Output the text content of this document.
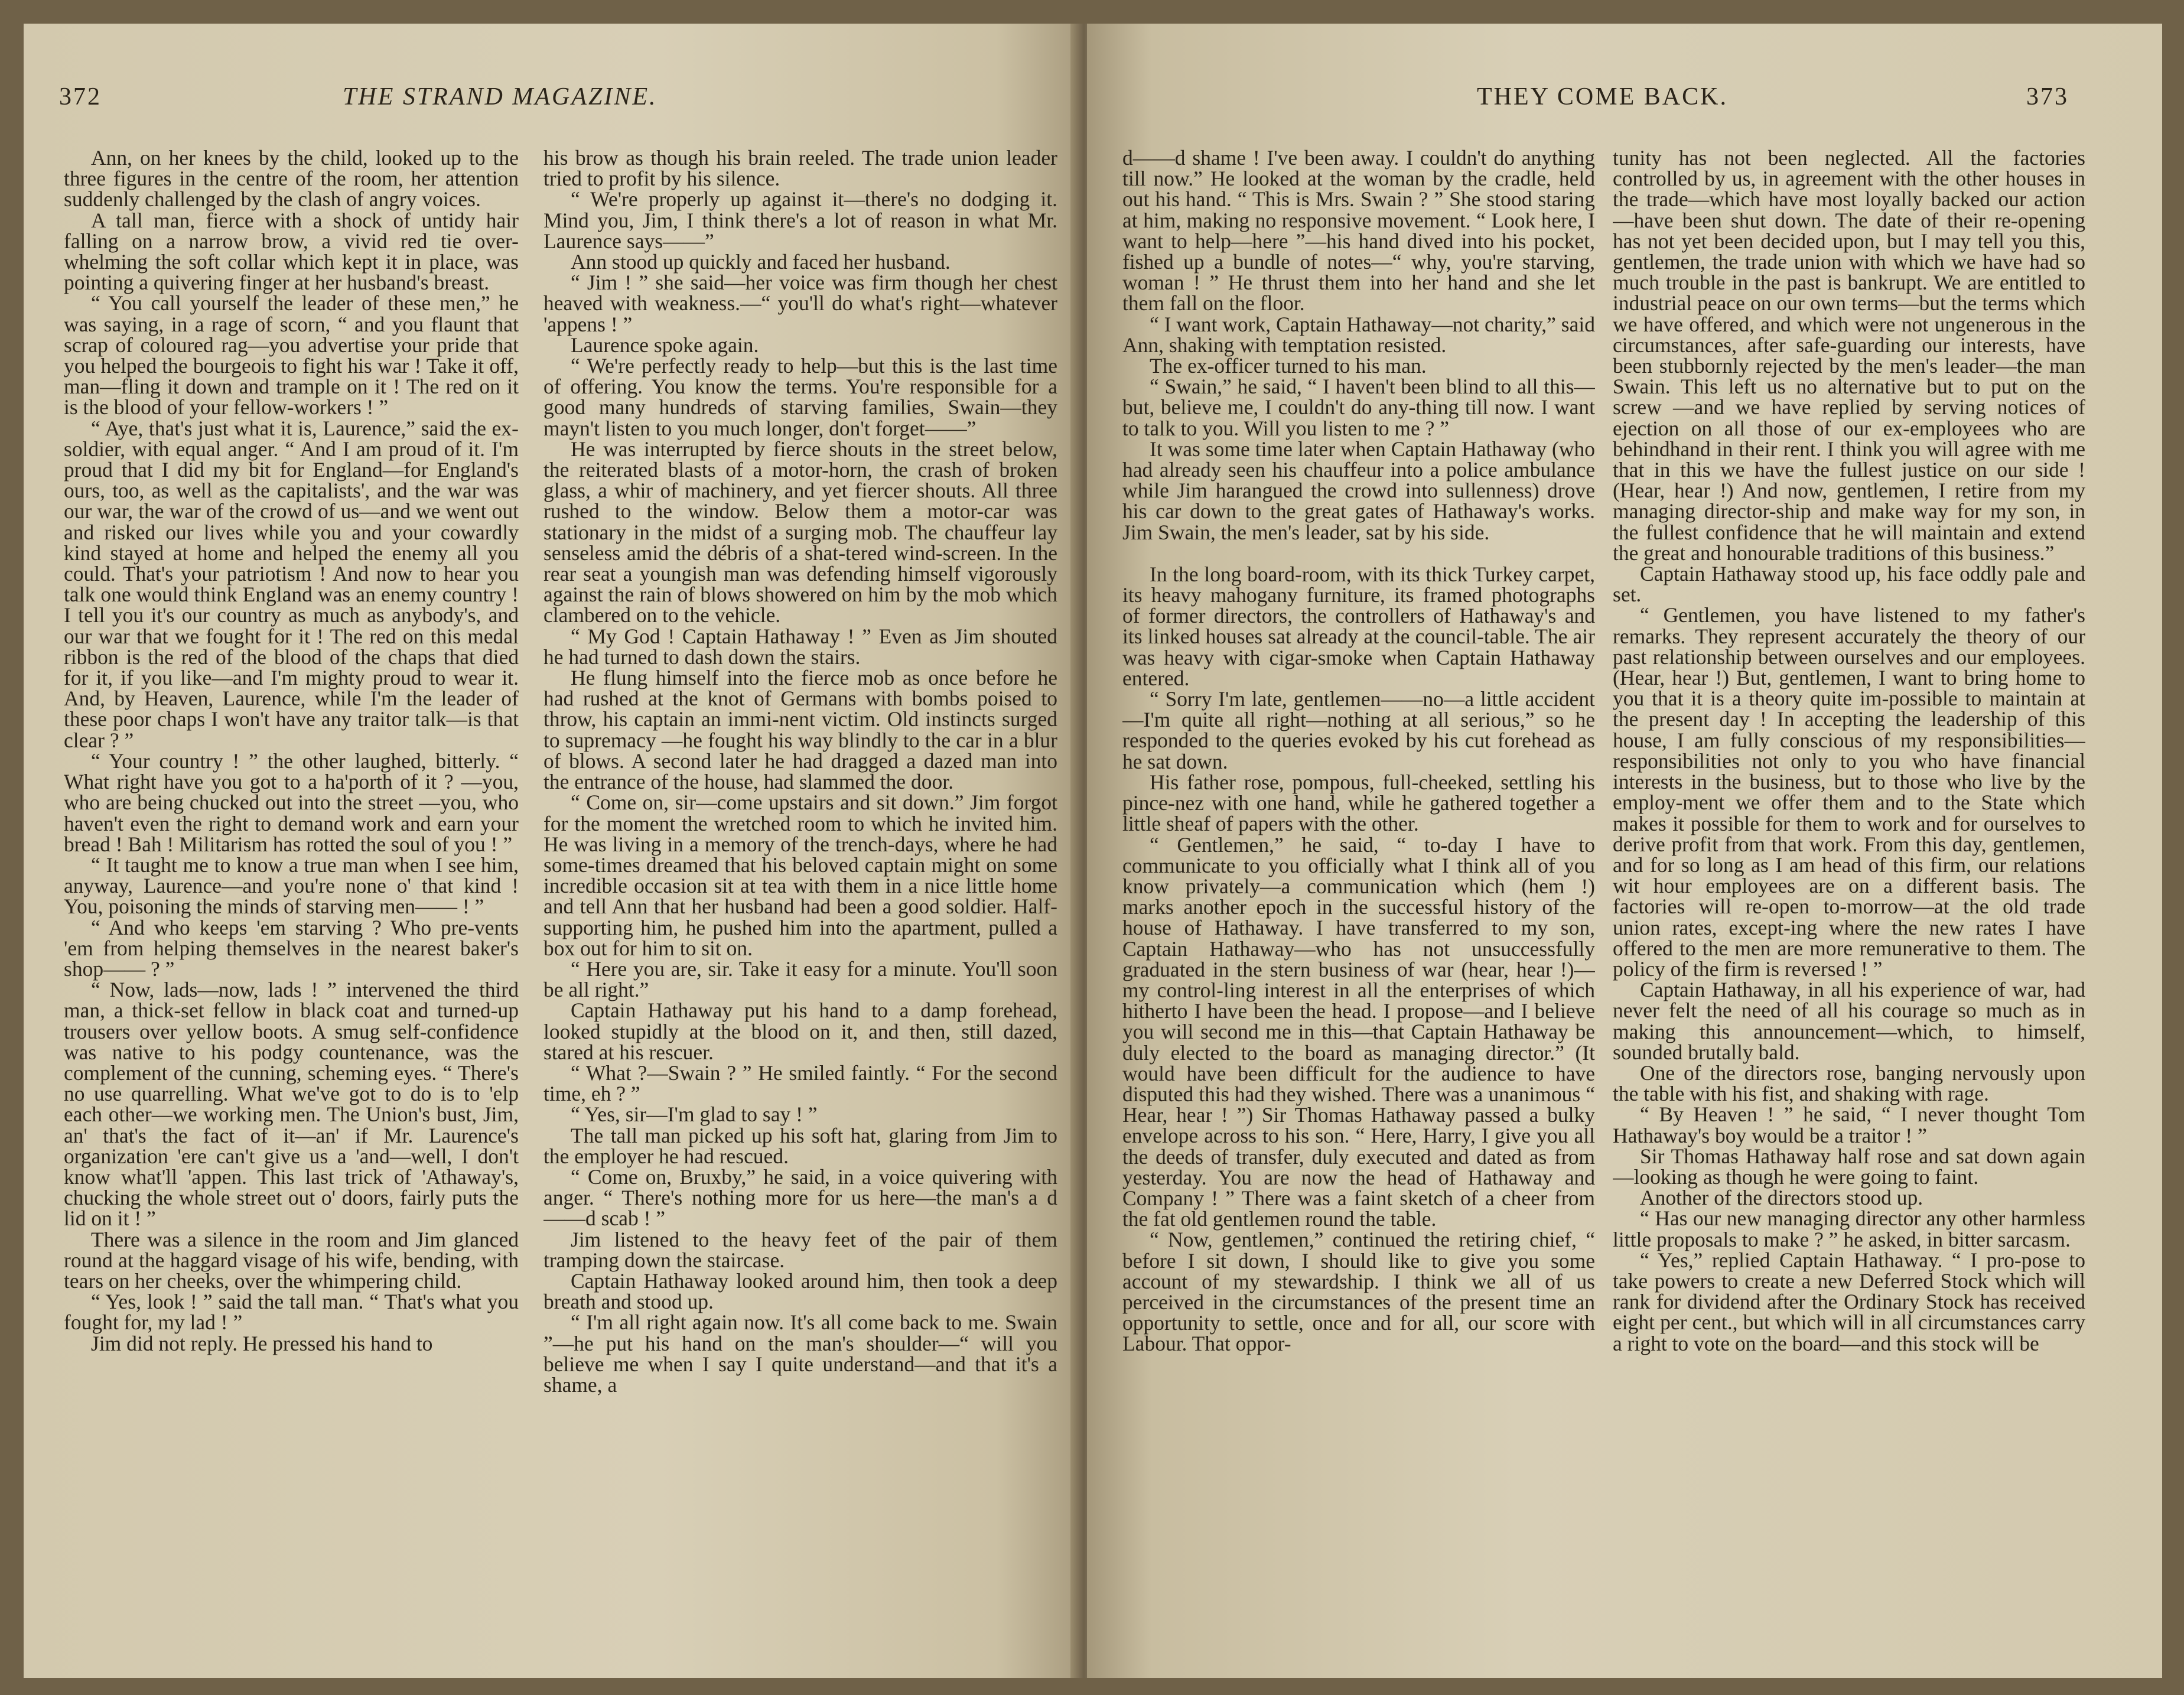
372	THE STRAND MAGAZINE.

Ann, on her knees by the child, looked up to the three figures in the centre of the room, her attention suddenly challenged by the clash of angry voices.

A tall man, fierce with a shock of untidy hair falling on a narrow brow, a vivid red tie over-whelming the soft collar which kept it in place, was pointing a quivering finger at her husband's breast.

“ You call yourself the leader of these men,” he was saying, in a rage of scorn, “ and you flaunt that scrap of coloured rag—you advertise your pride that you helped the bourgeois to fight his war ! Take it off, man—fling it down and trample on it ! The red on it is the blood of your fellow-workers ! ”

“ Aye, that's just what it is, Laurence,” said the ex-soldier, with equal anger. “ And I am proud of it. I'm proud that I did my bit for England—for England's ours, too, as well as the capitalists', and the war was our war, the war of the crowd of us—and we went out and risked our lives while you and your cowardly kind stayed at home and helped the enemy all you could. That's your patriotism ! And now to hear you talk one would think England was an enemy country ! I tell you it's our country as much as anybody's, and our war that we fought for it ! The red on this medal ribbon is the red of the blood of the chaps that died for it, if you like—and I'm mighty proud to wear it. And, by Heaven, Laurence, while I'm the leader of these poor chaps I won't have any traitor talk—is that clear ? ”

“ Your country ! ” the other laughed, bitterly. “ What right have you got to a ha'porth of it ? —you, who are being chucked out into the street —you, who haven't even the right to demand work and earn your bread ! Bah ! Militarism has rotted the soul of you ! ”

“ It taught me to know a true man when I see him, anyway, Laurence—and you're none o' that kind ! You, poisoning the minds of starving men—— ! ”

“ And who keeps 'em starving ? Who pre-vents 'em from helping themselves in the nearest baker's shop—— ? ”

“ Now, lads—now, lads ! ” intervened the third man, a thick-set fellow in black coat and turned-up trousers over yellow boots. A smug self-confidence was native to his podgy countenance, was the complement of the cunning, scheming eyes. “ There's no use quarrelling. What we've got to do is to 'elp each other—we working men. The Union's bust, Jim, an' that's the fact of it—an' if Mr. Laurence's organization 'ere can't give us a 'and—well, I don't know what'll 'appen. This last trick of 'Athaway's, chucking the whole street out o' doors, fairly puts the lid on it ! ”

There was a silence in the room and Jim glanced round at the haggard visage of his wife, bending, with tears on her cheeks, over the whimpering child.

“ Yes, look ! ” said the tall man. “ That's what you fought for, my lad ! ”

Jim did not reply. He pressed his hand to

his brow as though his brain reeled. The trade union leader tried to profit by his silence.

“ We're properly up against it—there's no dodging it. Mind you, Jim, I think there's a lot of reason in what Mr. Laurence says——”

Ann stood up quickly and faced her husband.

“ Jim ! ” she said—her voice was firm though her chest heaved with weakness.—“ you'll do what's right—whatever 'appens ! ”

Laurence spoke again.

“ We're perfectly ready to help—but this is the last time of offering. You know the terms. You're responsible for a good many hundreds of starving families, Swain—they mayn't listen to you much longer, don't forget——”

He was interrupted by fierce shouts in the street below, the reiterated blasts of a motor-horn, the crash of broken glass, a whir of machinery, and yet fiercer shouts. All three rushed to the window. Below them a motor-car was stationary in the midst of a surging mob. The chauffeur lay senseless amid the débris of a shat-tered wind-screen. In the rear seat a youngish man was defending himself vigorously against the rain of blows showered on him by the mob which clambered on to the vehicle.

“ My God ! Captain Hathaway ! ” Even as Jim shouted he had turned to dash down the stairs.

He flung himself into the fierce mob as once before he had rushed at the knot of Germans with bombs poised to throw, his captain an immi-nent victim. Old instincts surged to supremacy —he fought his way blindly to the car in a blur of blows. A second later he had dragged a dazed man into the entrance of the house, had slammed the door.

“ Come on, sir—come upstairs and sit down.” Jim forgot for the moment the wretched room to which he invited him. He was living in a memory of the trench-days, where he had some-times dreamed that his beloved captain might on some incredible occasion sit at tea with them in a nice little home and tell Ann that her husband had been a good soldier. Half-supporting him, he pushed him into the apartment, pulled a box out for him to sit on.

“ Here you are, sir. Take it easy for a minute. You'll soon be all right.”

Captain Hathaway put his hand to a damp forehead, looked stupidly at the blood on it, and then, still dazed, stared at his rescuer.

“ What ?—Swain ? ” He smiled faintly. “ For the second time, eh ? ”

“ Yes, sir—I'm glad to say ! ”

The tall man picked up his soft hat, glaring from Jim to the employer he had rescued.

“ Come on, Bruxby,” he said, in a voice quivering with anger. “ There's nothing more for us here—the man's a d——d scab ! ”

Jim listened to the heavy feet of the pair of them tramping down the staircase.

Captain Hathaway looked around him, then took a deep breath and stood up.

“ I'm all right again now. It's all come back to me. Swain ”—he put his hand on the man's shoulder—“ will you believe me when I say I quite understand—and that it's a shame, a

THEY COME BACK.	373

d——d shame ! I've been away. I couldn't do anything till now.” He looked at the woman by the cradle, held out his hand. “ This is Mrs. Swain ? ” She stood staring at him, making no responsive movement. “ Look here, I want to help—here ”—his hand dived into his pocket, fished up a bundle of notes—“ why, you're starving, woman ! ” He thrust them into her hand and she let them fall on the floor.

“ I want work, Captain Hathaway—not charity,” said Ann, shaking with temptation resisted.

The ex-officer turned to his man.

“ Swain,” he said, “ I haven't been blind to all this—but, believe me, I couldn't do any-thing till now. I want to talk to you. Will you listen to me ? ”

It was some time later when Captain Hathaway (who had already seen his chauffeur into a police ambulance while Jim harangued the crowd into sullenness) drove his car down to the great gates of Hathaway's works. Jim Swain, the men's leader, sat by his side.

In the long board-room, with its thick Turkey carpet, its heavy mahogany furniture, its framed photographs of former directors, the controllers of Hathaway's and its linked houses sat already at the council-table. The air was heavy with cigar-smoke when Captain Hathaway entered.

“ Sorry I'm late, gentlemen——no—a little accident—I'm quite all right—nothing at all serious,” so he responded to the queries evoked by his cut forehead as he sat down.

His father rose, pompous, full-cheeked, settling his pince-nez with one hand, while he gathered together a little sheaf of papers with the other.

“ Gentlemen,” he said, “ to-day I have to communicate to you officially what I think all of you know privately—a communication which (hem !) marks another epoch in the successful history of the house of Hathaway. I have transferred to my son, Captain Hathaway—who has not unsuccessfully graduated in the stern business of war (hear, hear !)—my control-ling interest in all the enterprises of which hitherto I have been the head. I propose—and I believe you will second me in this—that Captain Hathaway be duly elected to the board as managing director.” (It would have been difficult for the audience to have disputed this had they wished. There was a unanimous “ Hear, hear ! ”) Sir Thomas Hathaway passed a bulky envelope across to his son. “ Here, Harry, I give you all the deeds of transfer, duly executed and dated as from yesterday. You are now the head of Hathaway and Company ! ” There was a faint sketch of a cheer from the fat old gentlemen round the table.

“ Now, gentlemen,” continued the retiring chief, “ before I sit down, I should like to give you some account of my stewardship. I think we all of us perceived in the circumstances of the present time an opportunity to settle, once and for all, our score with Labour. That oppor-

tunity has not been neglected. All the factories controlled by us, in agreement with the other houses in the trade—which have most loyally backed our action—have been shut down. The date of their re-opening has not yet been decided upon, but I may tell you this, gentlemen, the trade union with which we have had so much trouble in the past is bankrupt. We are entitled to industrial peace on our own terms—but the terms which we have offered, and which were not ungenerous in the circumstances, after safe-guarding our interests, have been stubbornly rejected by the men's leader—the man Swain. This left us no alternative but to put on the screw —and we have replied by serving notices of ejection on all those of our ex-employees who are behindhand in their rent. I think you will agree with me that in this we have the fullest justice on our side ! (Hear, hear !) And now, gentlemen, I retire from my managing director-ship and make way for my son, in the fullest confidence that he will maintain and extend the great and honourable traditions of this business.”

Captain Hathaway stood up, his face oddly pale and set.

“ Gentlemen, you have listened to my father's remarks. They represent accurately the theory of our past relationship between ourselves and our employees. (Hear, hear !) But, gentlemen, I want to bring home to you that it is a theory quite im-possible to maintain at the present day ! In accepting the leadership of this house, I am fully conscious of my responsibilities—responsibilities not only to you who have financial interests in the business, but to those who live by the employ-ment we offer them and to the State which makes it possible for them to work and for ourselves to derive profit from that work. From this day, gentlemen, and for so long as I am head of this firm, our relations wit hour employees are on a different basis. The factories will re-open to-morrow—at the old trade union rates, except-ing where the new rates I have offered to the men are more remunerative to them. The policy of the firm is reversed ! ”

Captain Hathaway, in all his experience of war, had never felt the need of all his courage so much as in making this announcement—which, to himself, sounded brutally bald.

One of the directors rose, banging nervously upon the table with his fist, and shaking with rage.

“ By Heaven ! ” he said, “ I never thought Tom Hathaway's boy would be a traitor ! ”

Sir Thomas Hathaway half rose and sat down again—looking as though he were going to faint.

Another of the directors stood up.

“ Has our new managing director any other harmless little proposals to make ? ” he asked, in bitter sarcasm.

“ Yes,” replied Captain Hathaway. “ I pro-pose to take powers to create a new Deferred Stock which will rank for dividend after the Ordinary Stock has received eight per cent., but which will in all circumstances carry a right to vote on the board—and this stock will be
